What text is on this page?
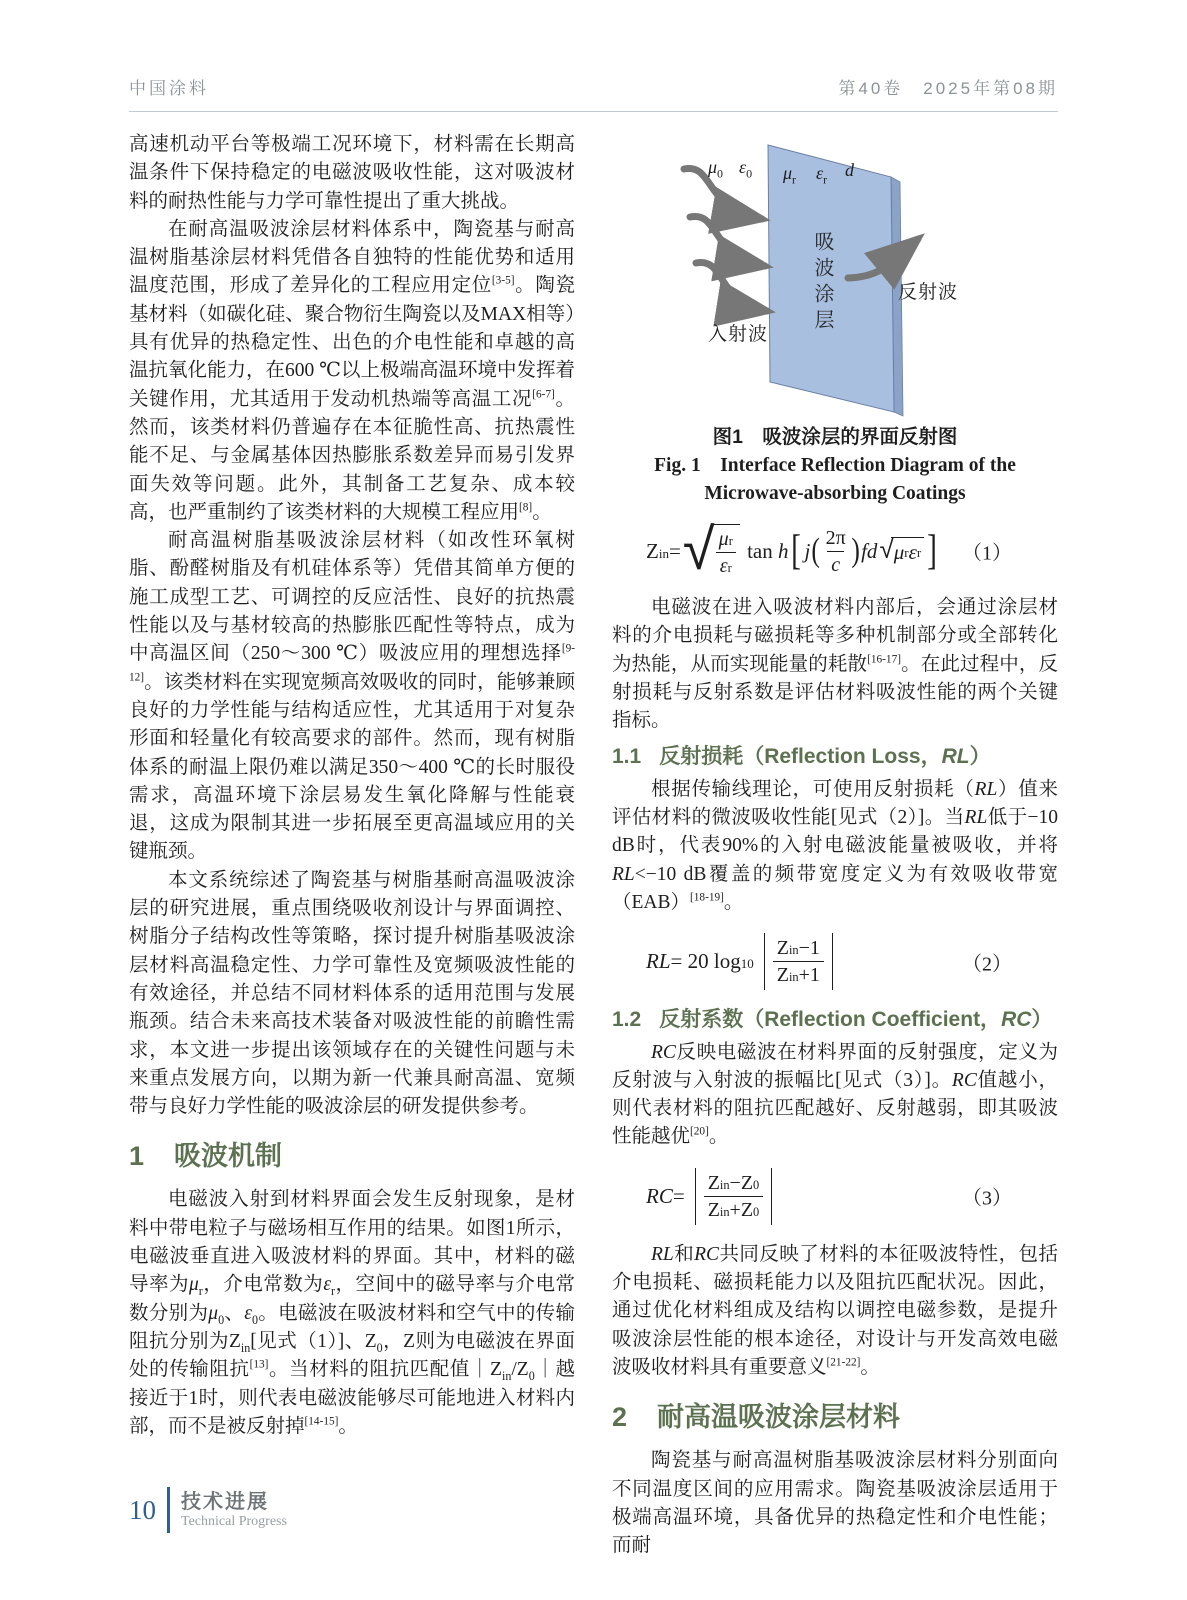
中国涂料	第40卷　2025年第08期

高速机动平台等极端工况环境下，材料需在长期高温条件下保持稳定的电磁波吸收性能，这对吸波材料的耐热性能与力学可靠性提出了重大挑战。

在耐高温吸波涂层材料体系中，陶瓷基与耐高温树脂基涂层材料凭借各自独特的性能优势和适用温度范围，形成了差异化的工程应用定位[3-5]。陶瓷基材料（如碳化硅、聚合物衍生陶瓷以及MAX相等）具有优异的热稳定性、出色的介电性能和卓越的高温抗氧化能力，在600 ℃以上极端高温环境中发挥着关键作用，尤其适用于发动机热端等高温工况[6-7]。然而，该类材料仍普遍存在本征脆性高、抗热震性能不足、与金属基体因热膨胀系数差异而易引发界面失效等问题。此外，其制备工艺复杂、成本较高，也严重制约了该类材料的大规模工程应用[8]。

耐高温树脂基吸波涂层材料（如改性环氧树脂、酚醛树脂及有机硅体系等）凭借其简单方便的施工成型工艺、可调控的反应活性、良好的抗热震性能以及与基材较高的热膨胀匹配性等特点，成为中高温区间（250～300 ℃）吸波应用的理想选择[9-12]。该类材料在实现宽频高效吸收的同时，能够兼顾良好的力学性能与结构适应性，尤其适用于对复杂形面和轻量化有较高要求的部件。然而，现有树脂体系的耐温上限仍难以满足350～400 ℃的长时服役需求，高温环境下涂层易发生氧化降解与性能衰退，这成为限制其进一步拓展至更高温域应用的关键瓶颈。

本文系统综述了陶瓷基与树脂基耐高温吸波涂层的研究进展，重点围绕吸收剂设计与界面调控、树脂分子结构改性等策略，探讨提升树脂基吸波涂层材料高温稳定性、力学可靠性及宽频吸波性能的有效途径，并总结不同材料体系的适用范围与发展瓶颈。结合未来高技术装备对吸波性能的前瞻性需求，本文进一步提出该领域存在的关键性问题与未来重点发展方向，以期为新一代兼具耐高温、宽频带与良好力学性能的吸波涂层的研发提供参考。

1 吸波机制

电磁波入射到材料界面会发生反射现象，是材料中带电粒子与磁场相互作用的结果。如图1所示，电磁波垂直进入吸波材料的界面。其中，材料的磁导率为$\mu_r$，介电常数为$\varepsilon_r$，空间中的磁导率与介电常数分别为$\mu_0$、$\varepsilon_0$。电磁波在吸波材料和空气中的传输阻抗分别为$Z_{in}$[见式（1）]、$Z_0$，Z则为电磁波在界面处的传输阻抗[13]。当材料的阻抗匹配值$|Z_{in}/Z_0|$越接近于1时，则代表电磁波能够尽可能地进入材料内部，而不是被反射掉[14-15]。

$\mu_0$ $\varepsilon_0$ $\mu_r$ $\varepsilon_r$ d
吸波涂层
入射波
反射波
图1　吸波涂层的界面反射图
Fig. 1　Interface Reflection Diagram of the
Microwave-absorbing Coatings
Z in = √ $\frac{\text{μ r}}{\text{ε r}}$ tan h [ j ( $\frac{2\pi}{c}$ ) fd √ μ r ε r ] （1）

电磁波在进入吸波材料内部后，会通过涂层材料的介电损耗与磁损耗等多种机制部分或全部转化为热能，从而实现能量的耗散[16-17]。在此过程中，反射损耗与反射系数是评估材料吸波性能的两个关键指标。

1.1 反射损耗（Reflection Loss，RL）

根据传输线理论，可使用反射损耗（RL）值来评估材料的微波吸收性能[见式（2）]。当RL低于−10 dB时，代表90%的入射电磁波能量被吸收，并将RL<−10 dB覆盖的频带宽度定义为有效吸收带宽（EAB）[18-19]。

RL = 20 $\log 10 \frac{\text{Z in −1}}{\text{Z in +1}}$	（2）
1.2 反射系数（Reflection Coefficient，RC）

RC反映电磁波在材料界面的反射强度，定义为反射波与入射波的振幅比[见式（3）]。RC值越小，则代表材料的阻抗匹配越好、反射越弱，即其吸波性能越优[20]。

RC = $\frac{\text{Z in −Z 0}}{\text{Z in +Z 0}}$	（3）

RL和RC共同反映了材料的本征吸波特性，包括介电损耗、磁损耗能力以及阻抗匹配状况。因此，通过优化材料组成及结构以调控电磁参数，是提升吸波涂层性能的根本途径，对设计与开发高效电磁波吸收材料具有重要意义[21-22]。

2 耐高温吸波涂层材料

陶瓷基与耐高温树脂基吸波涂层材料分别面向不同温度区间的应用需求。陶瓷基吸波涂层适用于极端高温环境，具备优异的热稳定性和介电性能；而耐

10 技术进展
Technical Progress
